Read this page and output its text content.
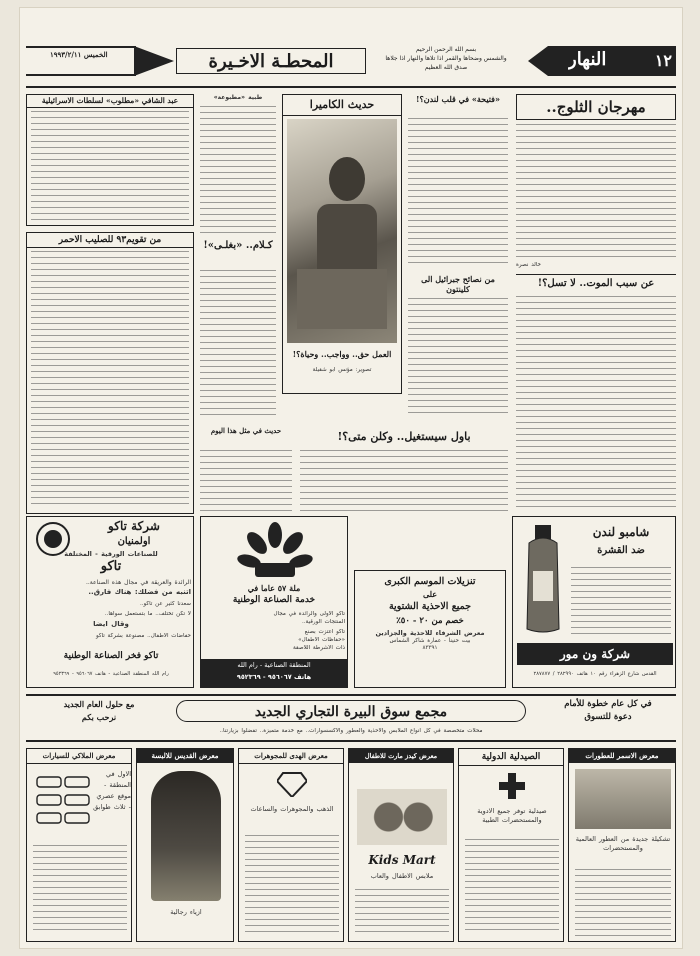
١٢
النهار
بسم الله الرحمن الرحيم
والشمس وضحاها والقمر اذا تلاها والنهار اذا جلاها
صدق الله العظيم
المحطـة الاخـيرة
الخميس ١٩٩٣/٢/١١
مهرجان الثلوج..
خالد نصرة
عن سبب الموت.. لا تسل؟!
«فتيحة» في قلب لندن؟!
من نصائح جبرائيل الى كلينتون
باول سيستغيل.. وكلن متى؟!
حديث الكاميرا
العمل حق.. وواجب.. وحياة؟!
تصوير: مؤنس ابو شقيلة
طبية «مطبوعة»
كـلام.. «بغلـى»!
حديث في مثل هذا اليوم
عبد الشافي «مطلوب» لسلطات الاسرائيلية
من تقويم٩٣ للصليب الاحمر
شركة تاكو
اولمنيان
للصناعات الورقية - المختلفة
تاكو
الرائدة والعريقة في مجال هذه الصناعة..
أتنبه من فضلك: هناك فارق..
سعدنا كثير عن تاكو..
لا تكن تختلف.. ما بتستعمل سواها..
وقال ايضا
حفاضات الاطفال.. مصنوعة بشركة تاكو
تاكو فخر الصناعة الوطنية
رام الله المنطقة الصناعية - هاتف ٩٥٦٠٦٧ - ٩٥٢٣٦٩
ملة ٥٧ عاما في
خدمة الصناعة الوطنية
تاكو الاولى والرائدة في مجال
المنتجات الورقية..
تاكو اعتزت بصنع
«حفاظات الأطفال»
ذات الاشرطة اللاصقة
المنطقة الصناعية - رام الله
هاتف ٩٥٦٠٦٧ - ٩٥٢٣٦٩
تنزيلات الموسم الكبرى
على
جميع الاحذية الشتوية
خصم من ٢٠ - ٥٠٪
معرض الشرفاء للاحذية والجزادين
بيت حنينا - عمارة شاكر الشماس
٨٣٣٩١
شامبو لندن
ضد القشرة
شركة ون مور
القدس شارع الزهراء رقم ١٠ هاتف ٢٨٢٩٩٠ / ٢٨٧٨٧٧
في كل عام خطوة للأمام
دعوة للتسوق
مجمع سوق البيرة التجاري الجديد
مع حلول العام الجديد
نرحب بكم
محلات متخصصة في كل انواع الملابس والاحذية والعطور والاكسسوارات.. مع خدمة متميزة.. تفضلوا بزيارتنا..
معرض الاسمر للعطورات
تشكيلة جديدة من العطور العالمية والمستحضرات
الصيدلية الدولية
صيدلية توفر جميع الادوية والمستحضرات الطبية
معرض كيدز مارت للاطفال
Kids Mart
ملابس الاطفال والعاب
معرض الهدى للمجوهرات
الذهب والمجوهرات والساعات
معرض القديس للالبسة
ازياء رجالية
معرض الملاكي للسيارات
الاول في المنطقة - موقع عصري - ثلاث طوابق
